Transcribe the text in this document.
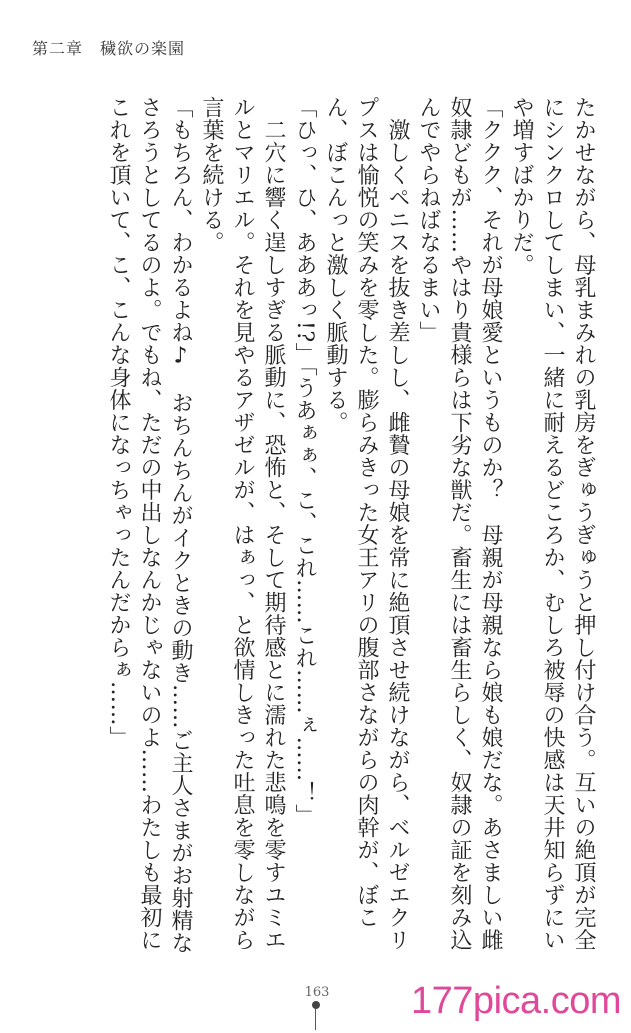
第二章　穢欲の楽園

たかせながら、母乳まみれの乳房をぎゅうぎゅうと押し付け合う。互いの絶頂が完全にシンクロしてしまい、一緒に耐えるどころか、むしろ被辱の快感は天井知らずにいや増すばかりだ。

「ククク、それが母娘愛というものか？　母親が母親なら娘も娘だな。あさましい雌奴隷どもが……やはり貴様らは下劣な獣だ。畜生には畜生らしく、奴隷の証を刻み込んでやらねばなるまい」

　激しくペニスを抜き差しし、雌贄の母娘を常に絶頂させ続けながら、ベルゼエクリプスは愉悦の笑みを零した。膨らみきった女王アリの腹部さながらの肉幹が、ぼこん、ぼこんっと激しく脈動する。

「ひっ、ひ、あああっ!?」「うあぁぁ、こ、これ……これ……ぇ……！」

　二穴に響く逞しすぎる脈動に、恐怖と、そして期待感とに濡れた悲鳴を零すユミエルとマリエル。それを見やるアザゼルが、はぁっ、と欲情しきった吐息を零しながら言葉を続ける。

「もちろん、わかるよね♪　おちんちんがイクときの動き……ご主人さまがお射精なさろうとしてるのよ。でもね、ただの中出しなんかじゃないのよ……わたしも最初にこれを頂いて、こ、こんな身体になっちゃったんだからぁ……」

163 177pica.com
